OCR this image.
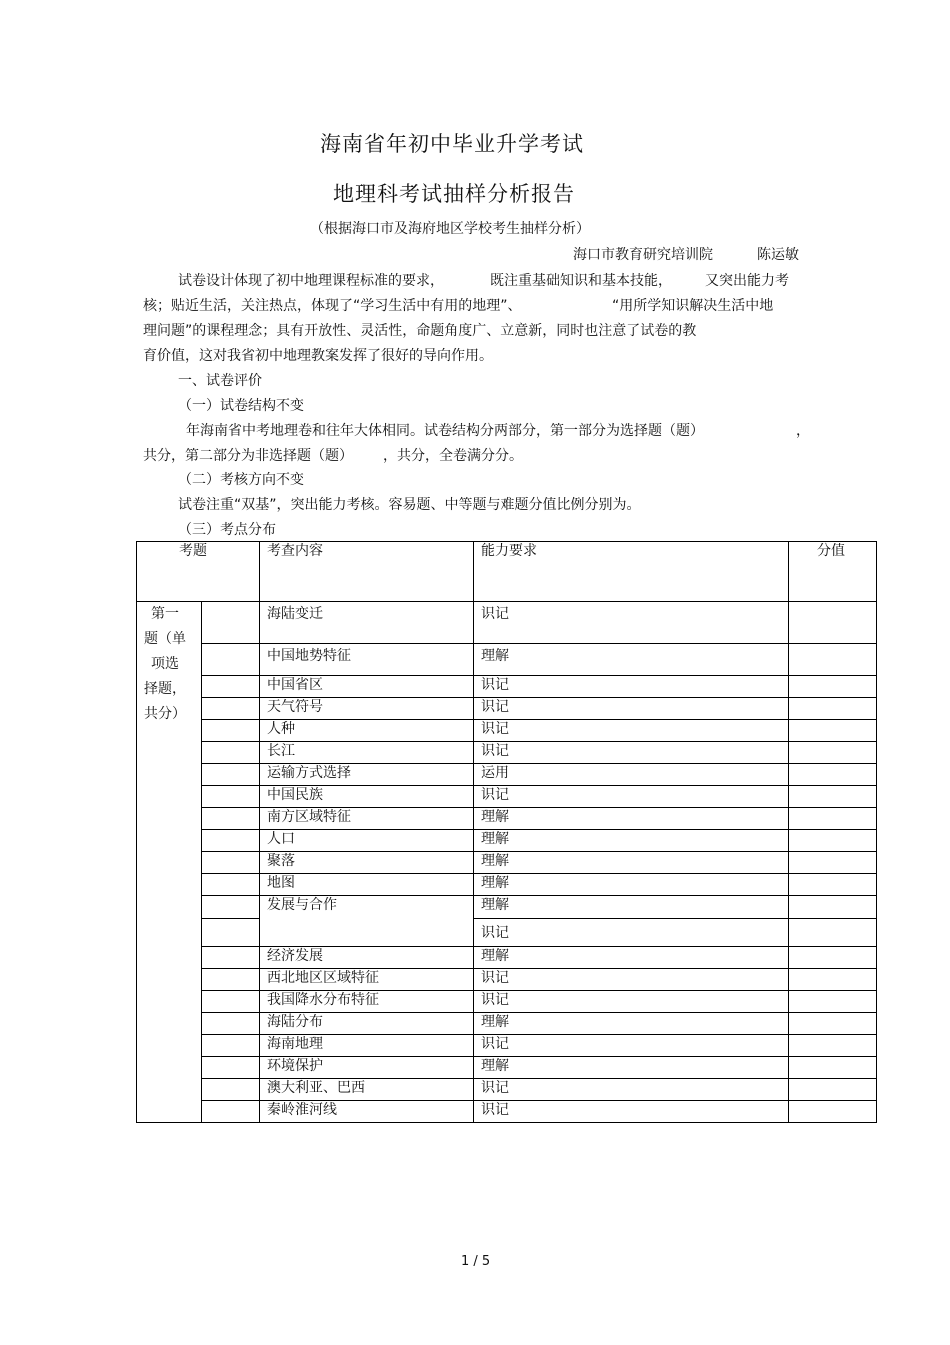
海南省年初中毕业升学考试
地理科考试抽样分析报告
（根据海口市及海府地区学校考生抽样分析）
海口市教育研究培训院	陈运敏
试卷设计体现了初中地理课程标准的要求，	既注重基础知识和基本技能， 又突出能力考
核；贴近生活，关注热点，体现了“学习生活中有用的地理”、	“用所学知识解决生活中地
理问题”的课程理念；具有开放性、灵活性，命题角度广、立意新，同时也注意了试卷的教
育价值，这对我省初中地理教案发挥了很好的导向作用。
一、试卷评价
（一）试卷结构不变
年海南省中考地理卷和往年大体相同。试卷结构分两部分，第一部分为选择题（题）	，
共分，第二部分为非选择题（题） ，共分，全卷满分分。
（二）考核方向不变
试卷注重“双基”，突出能力考核。容易题、中等题与难题分值比例分别为。
（三）考点分布
考题		考查内容	能力要求	分值

第一
题（单
项选
择题，
共分）		海陆变迁	识记	
		中国地势特征	理解	
		中国省区	识记	
		天气符号	识记	
		人种	识记	
		长江	识记	
		运输方式选择	运用	
		中国民族	识记	
		南方区域特征	理解	
		人口	理解	
		聚落	理解	
		地图	理解	
		发展与合作	理解	
			识记	
		经济发展	理解	
		西北地区区域特征	识记	
		我国降水分布特征	识记	
		海陆分布	理解	
		海南地理	识记	
		环境保护	理解	
		澳大利亚、巴西	识记	
		秦岭淮河线	识记	
1 / 5
